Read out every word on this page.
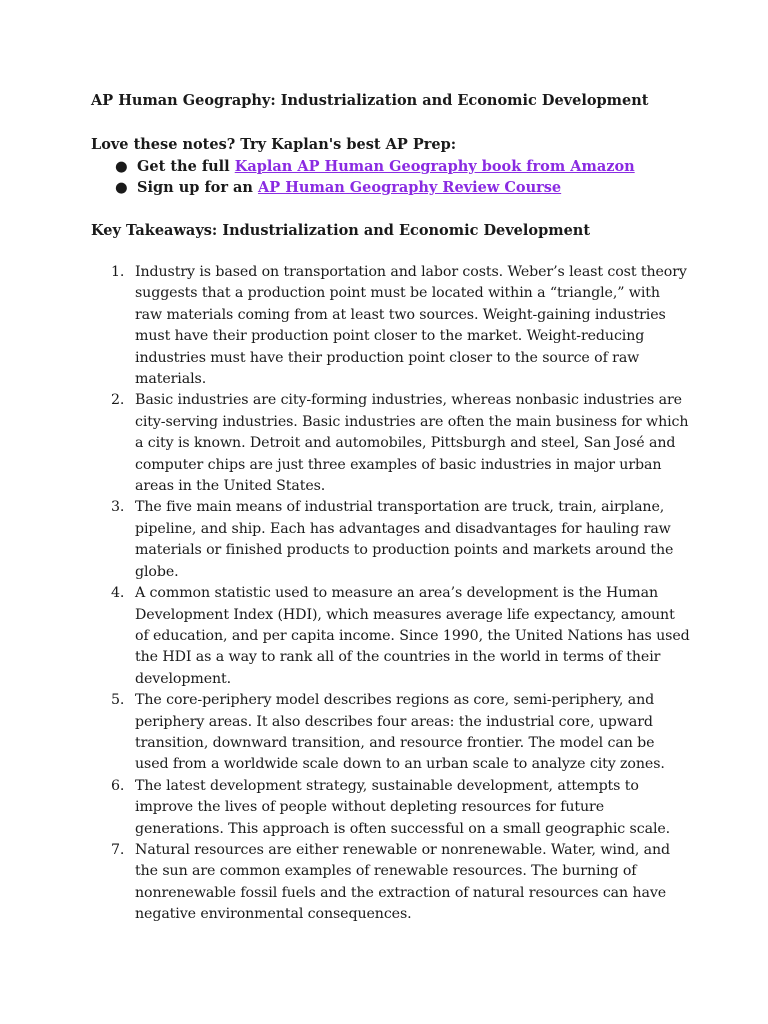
AP Human Geography: Industrialization and Economic Development

Love these notes? Try Kaplan's best AP Prep:

● Get the full Kaplan AP Human Geography book from Amazon
● Sign up for an AP Human Geography Review Course
Key Takeaways: Industrialization and Economic Development
1. Industry is based on transportation and labor costs. Weber’s least cost theory suggests that a production point must be located within a “triangle,” with raw materials coming from at least two sources. Weight-gaining industries must have their production point closer to the market. Weight-reducing industries must have their production point closer to the source of raw materials.
2. Basic industries are city-forming industries, whereas nonbasic industries are city-serving industries. Basic industries are often the main business for which a city is known. Detroit and automobiles, Pittsburgh and steel, San José and computer chips are just three examples of basic industries in major urban areas in the United States.
3. The five main means of industrial transportation are truck, train, airplane, pipeline, and ship. Each has advantages and disadvantages for hauling raw materials or finished products to production points and markets around the globe.
4. A common statistic used to measure an area’s development is the Human Development Index (HDI), which measures average life expectancy, amount of education, and per capita income. Since 1990, the United Nations has used the HDI as a way to rank all of the countries in the world in terms of their development.
5. The core-periphery model describes regions as core, semi-periphery, and periphery areas. It also describes four areas: the industrial core, upward transition, downward transition, and resource frontier. The model can be used from a worldwide scale down to an urban scale to analyze city zones.
6. The latest development strategy, sustainable development, attempts to improve the lives of people without depleting resources for future generations. This approach is often successful on a small geographic scale.
7. Natural resources are either renewable or nonrenewable. Water, wind, and the sun are common examples of renewable resources. The burning of nonrenewable fossil fuels and the extraction of natural resources can have negative environmental consequences.
